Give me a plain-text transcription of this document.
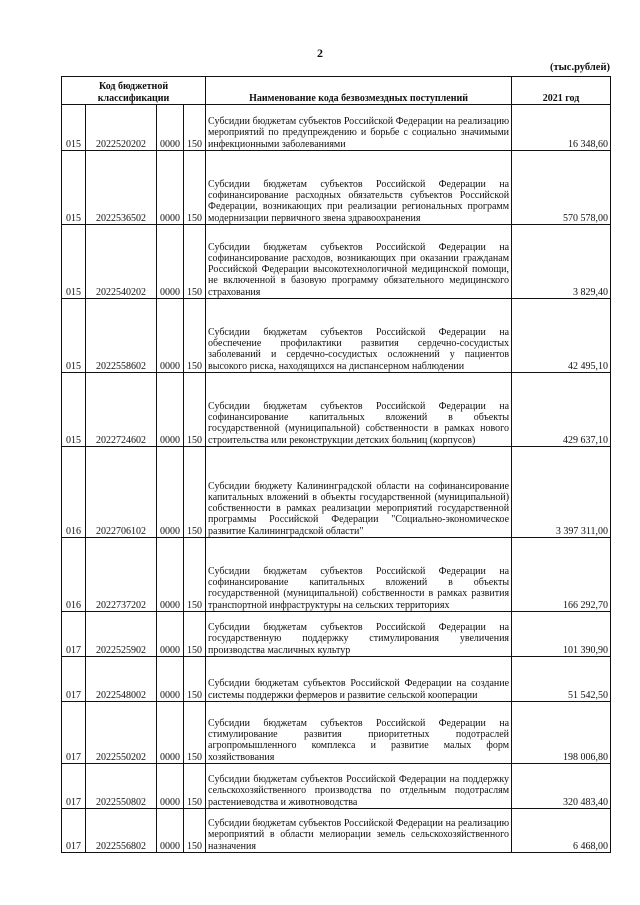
2
(тыс.рублей)
Код бюджетной классификации				Наименование кода безвозмездных поступлений	2021 год
015	2022520202	0000	150	Субсидии бюджетам субъектов Российской Федерации на реализацию мероприятий по предупреждению и борьбе с социально значимыми инфекционными заболеваниями	16 348,60
015	2022536502	0000	150	Субсидии бюджетам субъектов Российской Федерации на софинансирование расходных обязательств субъектов Российской Федерации, возникающих при реализации региональных программ модернизации первичного звена здравоохранения	570 578,00
015	2022540202	0000	150	Субсидии бюджетам субъектов Российской Федерации на софинансирование расходов, возникающих при оказании гражданам Российской Федерации высокотехнологичной медицинской помощи, не включенной в базовую программу обязательного медицинского страхования	3 829,40
015	2022558602	0000	150	Субсидии бюджетам субъектов Российской Федерации на обеспечение профилактики развития сердечно-сосудистых заболеваний и сердечно-сосудистых осложнений у пациентов высокого риска, находящихся на диспансерном наблюдении	42 495,10
015	2022724602	0000	150	Субсидии бюджетам субъектов Российской Федерации на софинансирование капитальных вложений в объекты государственной (муниципальной) собственности в рамках нового строительства или реконструкции детских больниц (корпусов)	429 637,10
016	2022706102	0000	150	Субсидии бюджету Калининградской области на софинансирование капитальных вложений в объекты государственной (муниципальной) собственности в рамках реализации мероприятий государственной программы Российской Федерации "Социально-экономическое развитие Калининградской области"	3 397 311,00
016	2022737202	0000	150	Субсидии бюджетам субъектов Российской Федерации на софинансирование капитальных вложений в объекты государственной (муниципальной) собственности в рамках развития транспортной инфраструктуры на сельских территориях	166 292,70
017	2022525902	0000	150	Субсидии бюджетам субъектов Российской Федерации на государственную поддержку стимулирования увеличения производства масличных культур	101 390,90
017	2022548002	0000	150	Субсидии бюджетам субъектов Российской Федерации на создание системы поддержки фермеров и развитие сельской кооперации	51 542,50
017	2022550202	0000	150	Субсидии бюджетам субъектов Российской Федерации на стимулирование развития приоритетных подотраслей агропромышленного комплекса и развитие малых форм хозяйствования	198 006,80
017	2022550802	0000	150	Субсидии бюджетам субъектов Российской Федерации на поддержку сельскохозяйственного производства по отдельным подотраслям растениеводства и животноводства	320 483,40
017	2022556802	0000	150	Субсидии бюджетам субъектов Российской Федерации на реализацию мероприятий в области мелиорации земель сельскохозяйственного назначения	6 468,00
